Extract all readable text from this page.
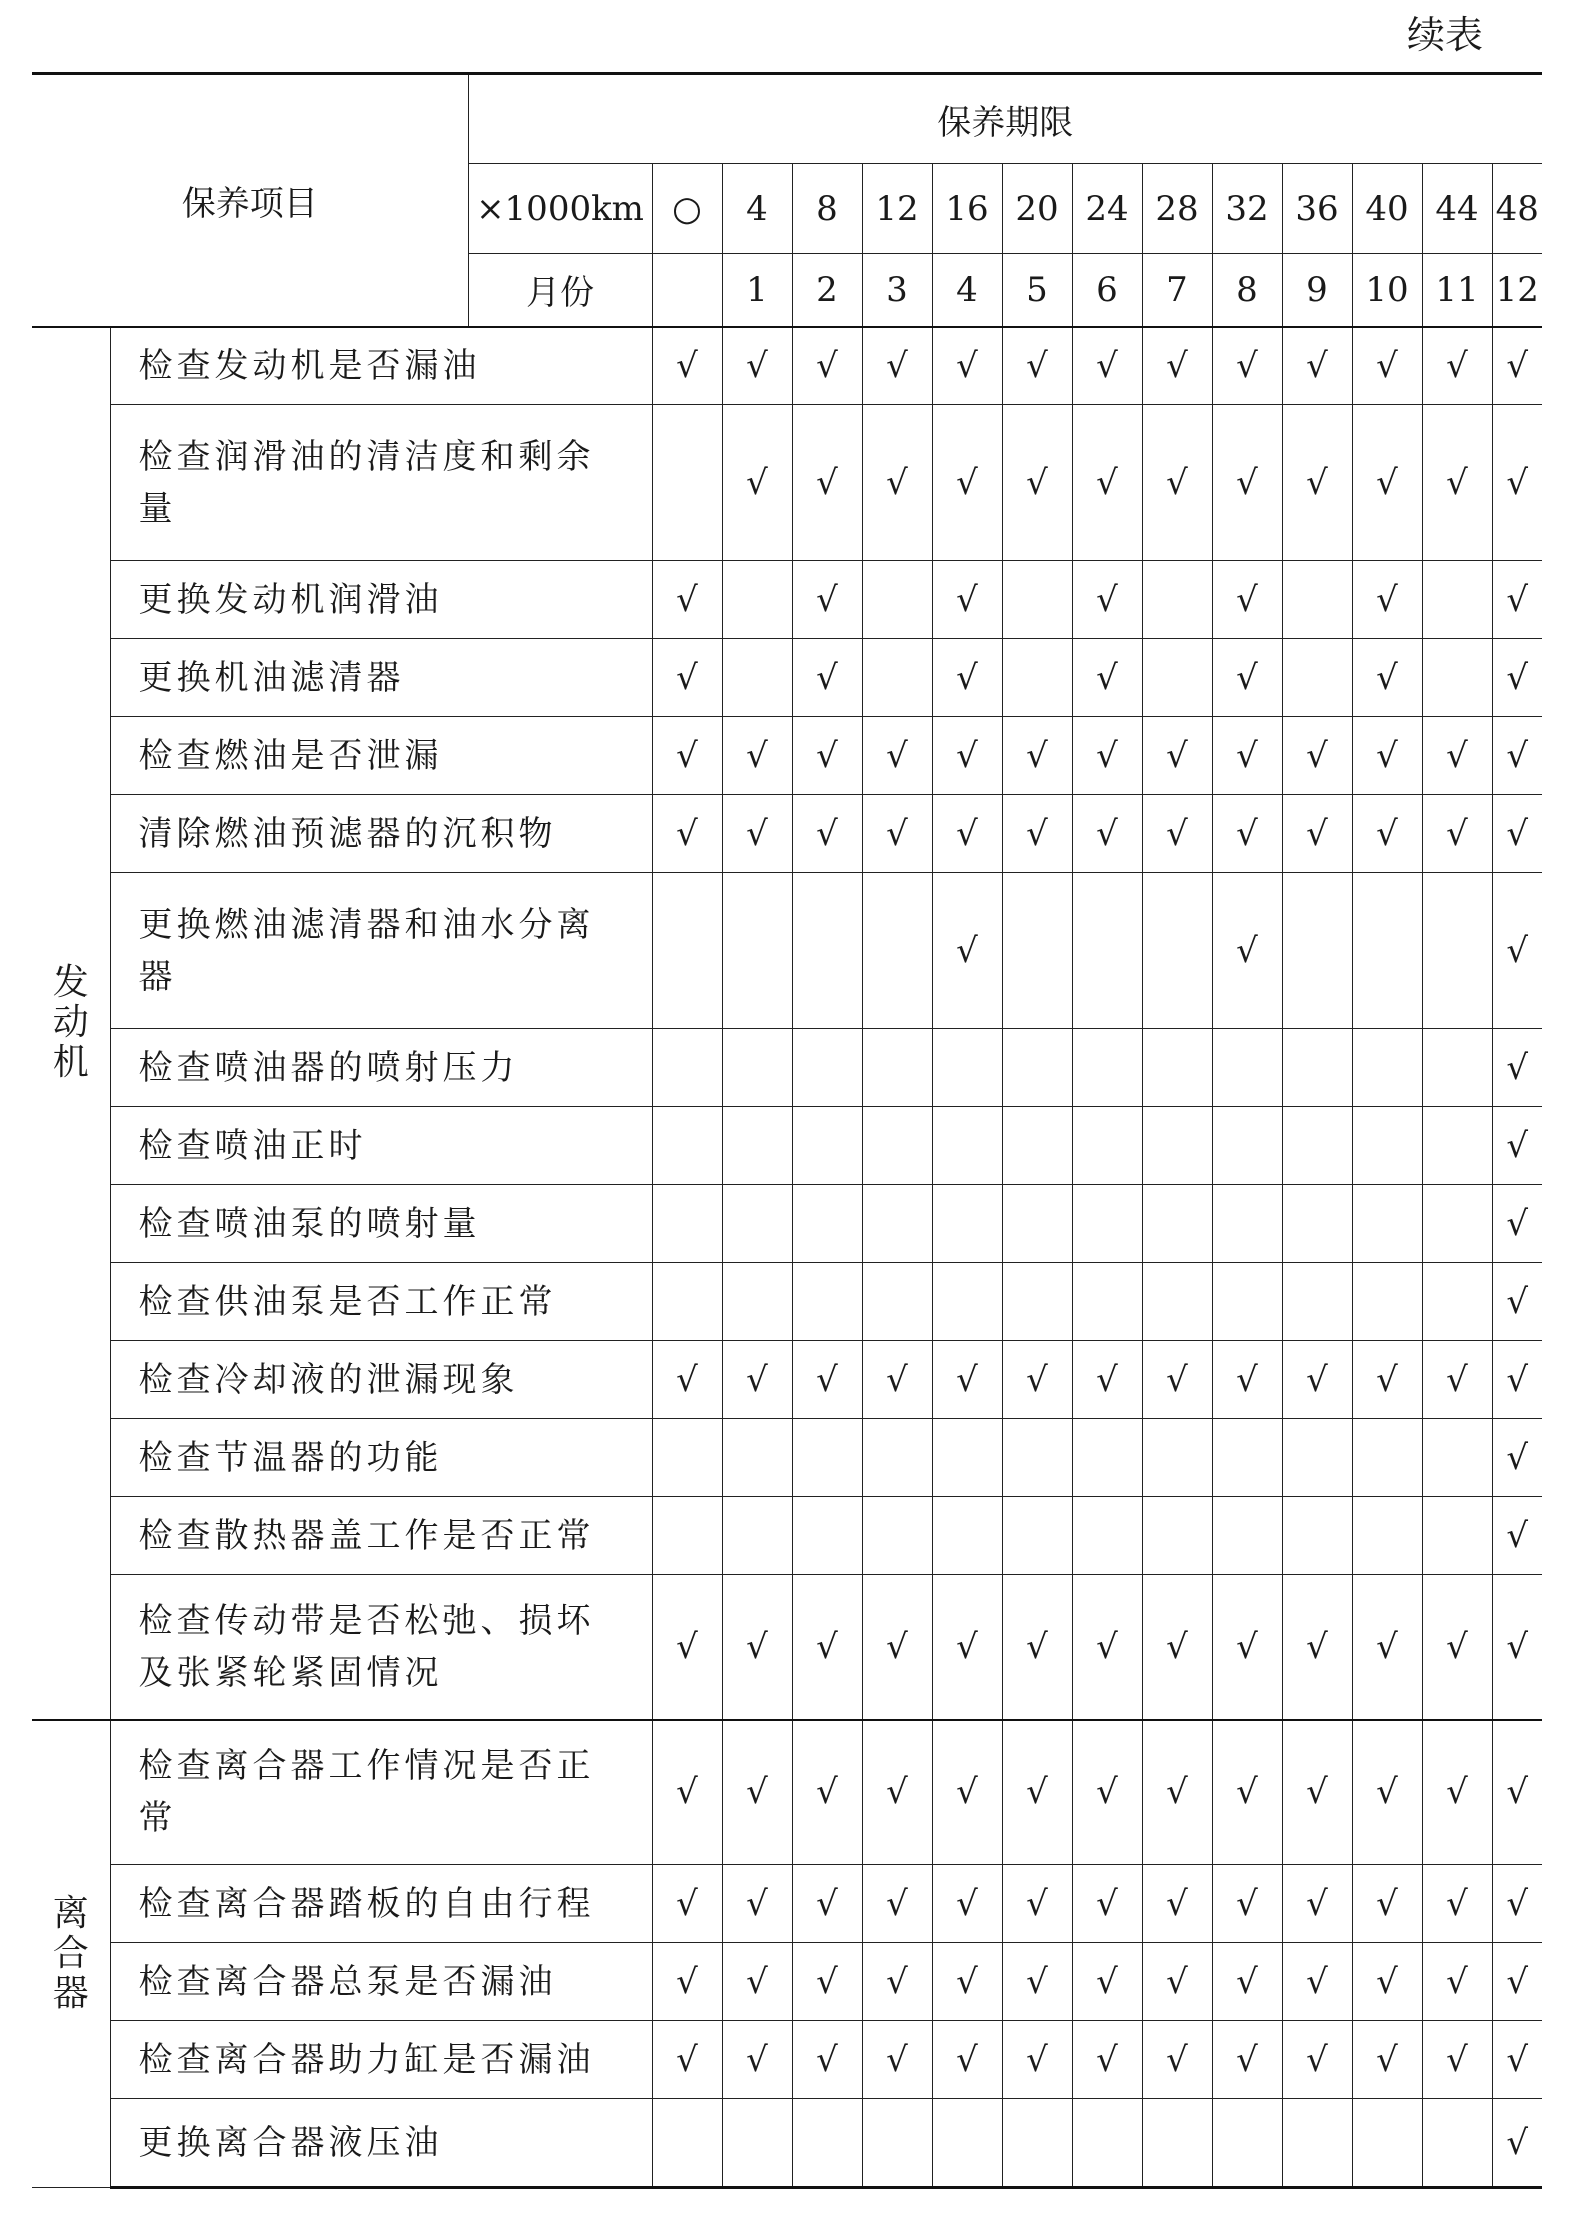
续表
保养项目		保养期限													
		×1000km	○	4	8	12	16	20	24	28	32	36	40	44	48
		月份		1	2	3	4	5	6	7	8	9	10	11	12

发动机	检查发动机是否漏油		√	√	√	√	√	√	√	√	√	√	√	√	√
	检查润滑油的清洁度和剩余量			√	√	√	√	√	√	√	√	√	√	√	√
	更换发动机润滑油		√		√		√		√		√		√		√
	更换机油滤清器		√		√		√		√		√		√		√
	检查燃油是否泄漏		√	√	√	√	√	√	√	√	√	√	√	√	√
	清除燃油预滤器的沉积物		√	√	√	√	√	√	√	√	√	√	√	√	√
	更换燃油滤清器和油水分离器						√				√				√
	检查喷油器的喷射压力														√
	检查喷油正时														√
	检查喷油泵的喷射量														√
	检查供油泵是否工作正常														√
	检查冷却液的泄漏现象		√	√	√	√	√	√	√	√	√	√	√	√	√
	检查节温器的功能														√
	检查散热器盖工作是否正常														√
	检查传动带是否松弛、损坏及张紧轮紧固情况		√	√	√	√	√	√	√	√	√	√	√	√	√

离合器	检查离合器工作情况是否正常		√	√	√	√	√	√	√	√	√	√	√	√	√
	检查离合器踏板的自由行程		√	√	√	√	√	√	√	√	√	√	√	√	√
	检查离合器总泵是否漏油		√	√	√	√	√	√	√	√	√	√	√	√	√
	检查离合器助力缸是否漏油		√	√	√	√	√	√	√	√	√	√	√	√	√
	更换离合器液压油														√
